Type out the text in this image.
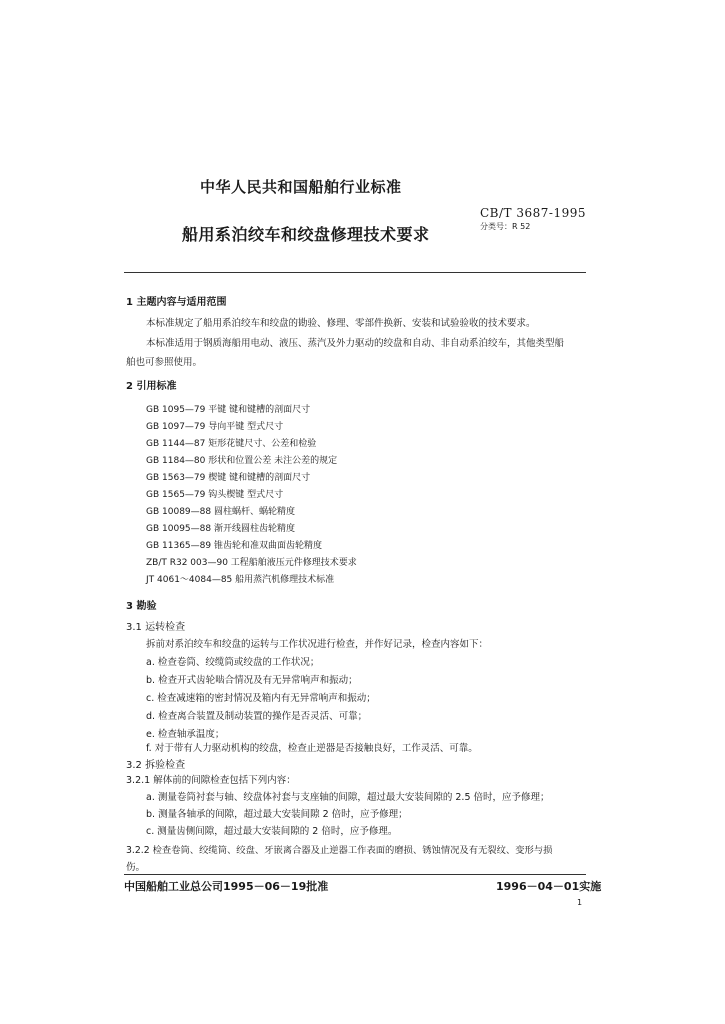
中华人民共和国船舶行业标准
CB/T 3687-1995
分类号：R 52
船用系泊绞车和绞盘修理技术要求
1 主题内容与适用范围
本标准规定了船用系泊绞车和绞盘的勘验、修理、零部件换新、安装和试验验收的技术要求。
本标准适用于钢质海船用电动、液压、蒸汽及外力驱动的绞盘和自动、非自动系泊绞车，其他类型船
舶也可参照使用。
2 引用标准
GB 1095—79 平键 键和键槽的剖面尺寸
GB 1097—79 导向平键 型式尺寸
GB 1144—87 矩形花键尺寸、公差和检验
GB 1184—80 形状和位置公差 未注公差的规定
GB 1563—79 楔键 键和键槽的剖面尺寸
GB 1565—79 钩头楔键 型式尺寸
GB 10089—88 圆柱蜗杆、蜗轮精度
GB 10095—88 渐开线圆柱齿轮精度
GB 11365—89 锥齿轮和准双曲面齿轮精度
ZB/T R32 003—90 工程船舶液压元件修理技术要求
JT 4061～4084—85 船用蒸汽机修理技术标准
3 勘验
3.1 运转检查
拆前对系泊绞车和绞盘的运转与工作状况进行检查，并作好记录，检查内容如下：
a. 检查卷筒、绞缆筒或绞盘的工作状况；
b. 检查开式齿轮啮合情况及有无异常响声和振动；
c. 检查减速箱的密封情况及箱内有无异常响声和振动；
d. 检查离合装置及制动装置的操作是否灵活、可靠；
e. 检查轴承温度；
f. 对于带有人力驱动机构的绞盘，检查止逆器是否接触良好，工作灵活、可靠。
3.2 拆验检查
3.2.1 解体前的间隙检查包括下列内容：
a. 测量卷筒衬套与轴、绞盘体衬套与支座轴的间隙，超过最大安装间隙的 2.5 倍时，应予修理；
b. 测量各轴承的间隙，超过最大安装间隙 2 倍时，应予修理；
c. 测量齿侧间隙，超过最大安装间隙的 2 倍时，应予修理。
3.2.2 检查卷筒、绞缆筒、绞盘、牙嵌离合器及止逆器工作表面的磨损、锈蚀情况及有无裂纹、变形与损
中国船舶工业总公司1995－06－19批准	1996－04－01实施
1
伤。
